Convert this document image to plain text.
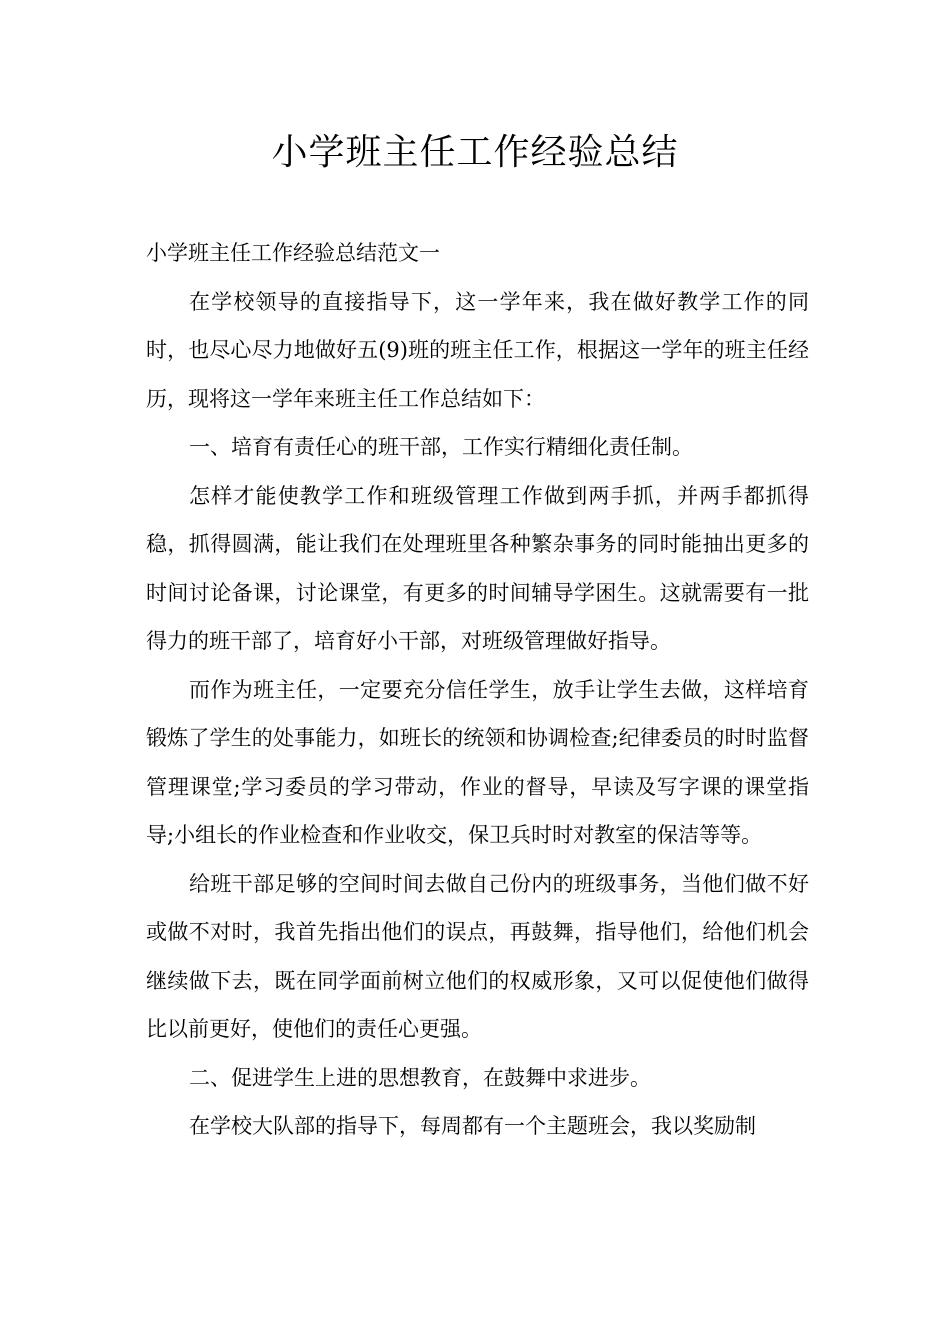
小学班主任工作经验总结

小学班主任工作经验总结范文一

在学校领导的直接指导下，这一学年来，我在做好教学工作的同时，也尽心尽力地做好五(9)班的班主任工作，根据这一学年的班主任经历，现将这一学年来班主任工作总结如下：

一、培育有责任心的班干部，工作实行精细化责任制。

怎样才能使教学工作和班级管理工作做到两手抓，并两手都抓得稳，抓得圆满，能让我们在处理班里各种繁杂事务的同时能抽出更多的时间讨论备课，讨论课堂，有更多的时间辅导学困生。这就需要有一批得力的班干部了，培育好小干部，对班级管理做好指导。

而作为班主任，一定要充分信任学生，放手让学生去做，这样培育锻炼了学生的处事能力，如班长的统领和协调检查;纪律委员的时时监督管理课堂;学习委员的学习带动，作业的督导，早读及写字课的课堂指导;小组长的作业检查和作业收交，保卫兵时时对教室的保洁等等。

给班干部足够的空间时间去做自己份内的班级事务，当他们做不好或做不对时，我首先指出他们的误点，再鼓舞，指导他们，给他们机会继续做下去，既在同学面前树立他们的权威形象，又可以促使他们做得比以前更好，使他们的责任心更强。

二、促进学生上进的思想教育，在鼓舞中求进步。

在学校大队部的指导下，每周都有一个主题班会，我以奖励制
